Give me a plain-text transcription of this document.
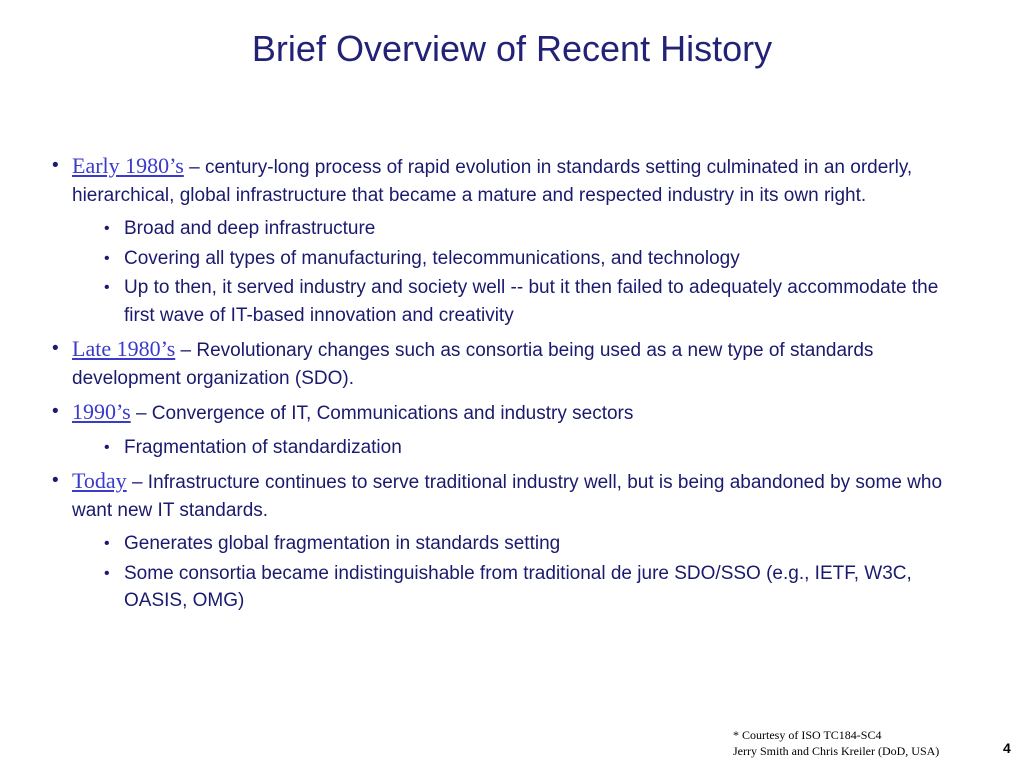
Brief Overview of Recent History
• Early 1980’s – century-long process of rapid evolution in standards setting culminated in an orderly, hierarchical, global infrastructure that became a mature and respected industry in its own right.
• Broad and deep infrastructure
• Covering all types of manufacturing, telecommunications, and technology
• Up to then, it served industry and society well -- but it then failed to adequately accommodate the first wave of IT-based innovation and creativity
• Late 1980’s – Revolutionary changes such as consortia being used as a new type of standards development organization (SDO).
• 1990’s – Convergence of IT, Communications and industry sectors
• Fragmentation of standardization
• Today – Infrastructure continues to serve traditional industry well, but is being abandoned by some who want new IT standards.
• Generates global fragmentation in standards setting
• Some consortia became indistinguishable from traditional de jure SDO/SSO (e.g., IETF, W3C, OASIS, OMG)
* Courtesy of ISO TC184-SC4
Jerry Smith and Chris Kreiler (DoD, USA)	4
